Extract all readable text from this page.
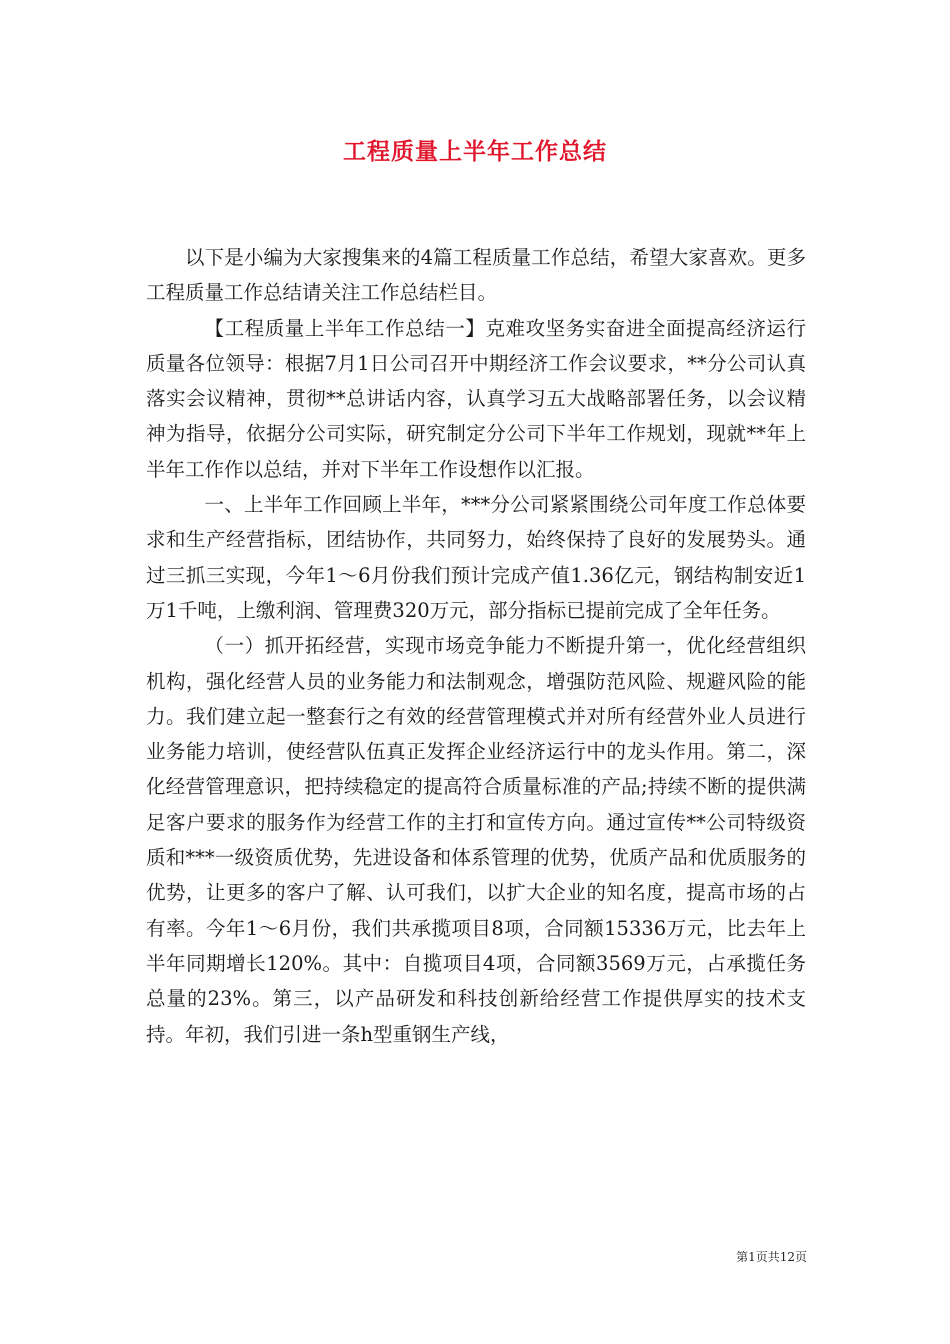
工程质量上半年工作总结

以下是小编为大家搜集来的4篇工程质量工作总结，希望大家喜欢。更多工程质量工作总结请关注工作总结栏目。

【工程质量上半年工作总结一】克难攻坚务实奋进全面提高经济运行质量各位领导：根据7月1日公司召开中期经济工作会议要求，**分公司认真落实会议精神，贯彻**总讲话内容，认真学习五大战略部署任务，以会议精神为指导，依据分公司实际，研究制定分公司下半年工作规划，现就**年上半年工作作以总结，并对下半年工作设想作以汇报。

一、上半年工作回顾上半年，***分公司紧紧围绕公司年度工作总体要求和生产经营指标，团结协作，共同努力，始终保持了良好的发展势头。通过三抓三实现，今年1～6月份我们预计完成产值1.36亿元，钢结构制安近1万1千吨，上缴利润、管理费320万元，部分指标已提前完成了全年任务。

（一）抓开拓经营，实现市场竞争能力不断提升第一，优化经营组织机构，强化经营人员的业务能力和法制观念，增强防范风险、规避风险的能力。我们建立起一整套行之有效的经营管理模式并对所有经营外业人员进行业务能力培训，使经营队伍真正发挥企业经济运行中的龙头作用。第二，深化经营管理意识，把持续稳定的提高符合质量标准的产品;持续不断的提供满足客户要求的服务作为经营工作的主打和宣传方向。通过宣传**公司特级资质和***一级资质优势，先进设备和体系管理的优势，优质产品和优质服务的优势，让更多的客户了解、认可我们，以扩大企业的知名度，提高市场的占有率。今年1～6月份，我们共承揽项目8项，合同额15336万元，比去年上半年同期增长120%。其中：自揽项目4项，合同额3569万元，占承揽任务总量的23%。第三，以产品研发和科技创新给经营工作提供厚实的技术支持。年初，我们引进一条h型重钢生产线，

第1页共12页
